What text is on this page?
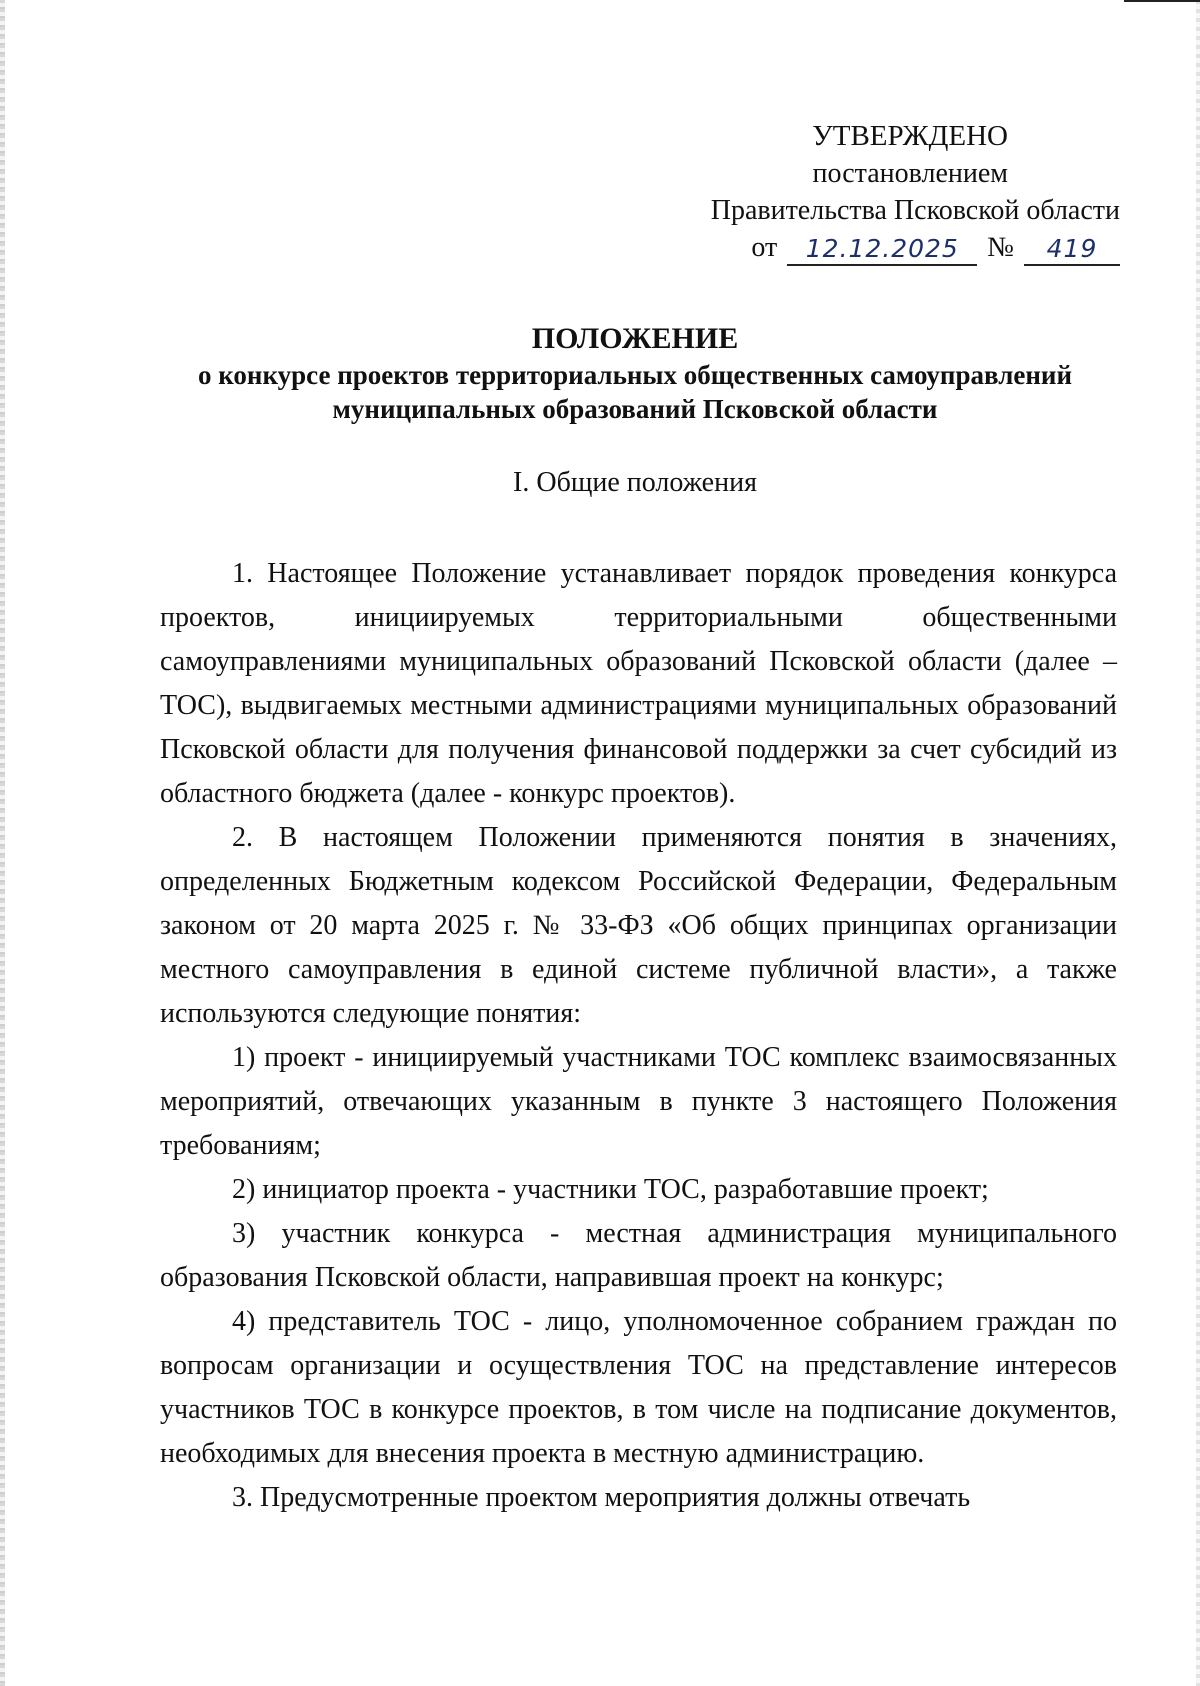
УТВЕРЖДЕНО
постановлением
Правительства Псковской области
от	12.12.2025	№	419
ПОЛОЖЕНИЕ
о конкурсе проектов территориальных общественных самоуправлений муниципальных образований Псковской области
I. Общие положения

1. Настоящее Положение устанавливает порядок проведения конкурса проектов, инициируемых территориальными общественными самоуправлениями муниципальных образований Псковской области (далее – ТОС), выдвигаемых местными администрациями муниципальных образований Псковской области для получения финансовой поддержки за счет субсидий из областного бюджета (далее - конкурс проектов).

2. В настоящем Положении применяются понятия в значениях, определенных Бюджетным кодексом Российской Федерации, Федеральным законом от 20 марта 2025 г. № 33-ФЗ «Об общих принципах организации местного самоуправления в единой системе публичной власти», а также используются следующие понятия:

1) проект - инициируемый участниками ТОС комплекс взаимосвязанных мероприятий, отвечающих указанным в пункте 3 настоящего Положения требованиям;

2) инициатор проекта - участники ТОС, разработавшие проект;

3) участник конкурса - местная администрация муниципального образования Псковской области, направившая проект на конкурс;

4) представитель ТОС - лицо, уполномоченное собранием граждан по вопросам организации и осуществления ТОС на представление интересов участников ТОС в конкурсе проектов, в том числе на подписание документов, необходимых для внесения проекта в местную администрацию.

3. Предусмотренные проектом мероприятия должны отвечать
